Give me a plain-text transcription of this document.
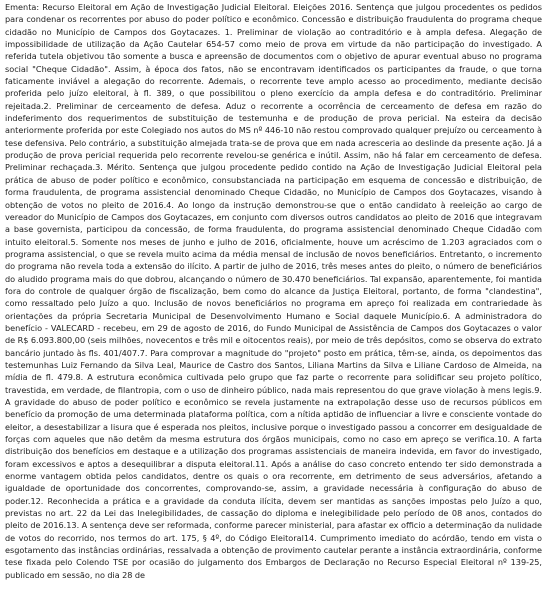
Ementa: Recurso Eleitoral em Ação de Investigação Judicial Eleitoral. Eleições 2016. Sentença que julgou procedentes os pedidos para condenar os recorrentes por abuso do poder político e econômico. Concessão e distribuição fraudulenta do programa cheque cidadão no Município de Campos dos Goytacazes. 1. Preliminar de violação ao contraditório e à ampla defesa. Alegação de impossibilidade de utilização da Ação Cautelar 654-57 como meio de prova em virtude da não participação do investigado. A referida tutela objetivou tão somente a busca e apreensão de documentos com o objetivo de apurar eventual abuso no programa social "Cheque Cidadão". Assim, à época dos fatos, não se encontravam identificados os participantes da fraude, o que torna faticamente inviável a alegação do recorrente. Ademais, o recorrente teve amplo acesso ao procedimento, mediante decisão proferida pelo juízo eleitoral, à fl. 389, o que possibilitou o pleno exercício da ampla defesa e do contraditório. Preliminar rejeitada.2. Preliminar de cerceamento de defesa. Aduz o recorrente a ocorrência de cerceamento de defesa em razão do indeferimento dos requerimentos de substituição de testemunha e de produção de prova pericial. Na esteira da decisão anteriormente proferida por este Colegiado nos autos do MS nº 446-10 não restou comprovado qualquer prejuízo ou cerceamento à tese defensiva. Pelo contrário, a substituição almejada trata-se de prova que em nada acresceria ao deslinde da presente ação. Já a produção de prova pericial requerida pelo recorrente revelou-se genérica e inútil. Assim, não há falar em cerceamento de defesa. Preliminar rechaçada.3. Mérito. Sentença que julgou procedente pedido contido na Ação de Investigação Judicial Eleitoral pela prática de abuso de poder político e econômico, consubstanciada na participação em esquema de concessão e distribuição, de forma fraudulenta, de programa assistencial denominado Cheque Cidadão, no Município de Campos dos Goytacazes, visando à obtenção de votos no pleito de 2016.4. Ao longo da instrução demonstrou-se que o então candidato à reeleição ao cargo de vereador do Município de Campos dos Goytacazes, em conjunto com diversos outros candidatos ao pleito de 2016 que integravam a base governista, participou da concessão, de forma fraudulenta, do programa assistencial denominado Cheque Cidadão com intuito eleitoral.5. Somente nos meses de junho e julho de 2016, oficialmente, houve um acréscimo de 1.203 agraciados com o programa assistencial, o que se revela muito acima da média mensal de inclusão de novos beneficiários. Entretanto, o incremento do programa não revela toda a extensão do ilícito. A partir de julho de 2016, três meses antes do pleito, o número de beneficiários do aludido programa mais do que dobrou, alcançando o número de 30.470 beneficiários. Tal expansão, aparentemente, foi mantida fora do controle de qualquer órgão de fiscalização, bem como do alcance da Justiça Eleitoral, portanto, de forma "clandestina", como ressaltado pelo Juízo a quo. Inclusão de novos beneficiários no programa em apreço foi realizada em contrariedade às orientações da própria Secretaria Municipal de Desenvolvimento Humano e Social daquele Município.6. A administradora do benefício - VALECARD - recebeu, em 29 de agosto de 2016, do Fundo Municipal de Assistência de Campos dos Goytacazes o valor de R$ 6.093.800,00 (seis milhões, novecentos e três mil e oitocentos reais), por meio de três depósitos, como se observa do extrato bancário juntado às fls. 401/407.7. Para comprovar a magnitude do "projeto" posto em prática, têm-se, ainda, os depoimentos das testemunhas Luiz Fernando da Silva Leal, Maurice de Castro dos Santos, Liliana Martins da Silva e Liliane Cardoso de Almeida, na mídia de fl. 479.8. A estrutura econômica cultivada pelo grupo que faz parte o recorrente para solidificar seu projeto político, travestida, em verdade, de filantropia, com o uso de dinheiro público, nada mais representou do que grave violação à mens legis.9. A gravidade do abuso de poder político e econômico se revela justamente na extrapolação desse uso de recursos públicos em benefício da promoção de uma determinada plataforma política, com a nítida aptidão de influenciar a livre e consciente vontade do eleitor, a desestabilizar a lisura que é esperada nos pleitos, inclusive porque o investigado passou a concorrer em desigualdade de forças com aqueles que não detêm da mesma estrutura dos órgãos municipais, como no caso em apreço se verifica.10. A farta distribuição dos benefícios em destaque e a utilização dos programas assistenciais de maneira indevida, em favor do investigado, foram excessivos e aptos a desequilibrar a disputa eleitoral.11. Após a análise do caso concreto entendo ter sido demonstrada a enorme vantagem obtida pelos candidatos, dentre os quais o ora recorrente, em detrimento de seus adversários, afetando a igualdade de oportunidade dos concorrentes, comprovando-se, assim, a gravidade necessária à configuração do abuso de poder.12. Reconhecida a prática e a gravidade da conduta ilícita, devem ser mantidas as sanções impostas pelo Juízo a quo, previstas no art. 22 da Lei das Inelegibilidades, de cassação do diploma e inelegibilidade pelo período de 08 anos, contados do pleito de 2016.13. A sentença deve ser reformada, conforme parecer ministerial, para afastar ex officio a determinação da nulidade de votos do recorrido, nos termos do art. 175, § 4º, do Código Eleitoral14. Cumprimento imediato do acórdão, tendo em vista o esgotamento das instâncias ordinárias, ressalvada a obtenção de provimento cautelar perante a instância extraordinária, conforme tese fixada pelo Colendo TSE por ocasião do julgamento dos Embargos de Declaração no Recurso Especial Eleitoral nº 139-25, publicado em sessão, no dia 28 de
